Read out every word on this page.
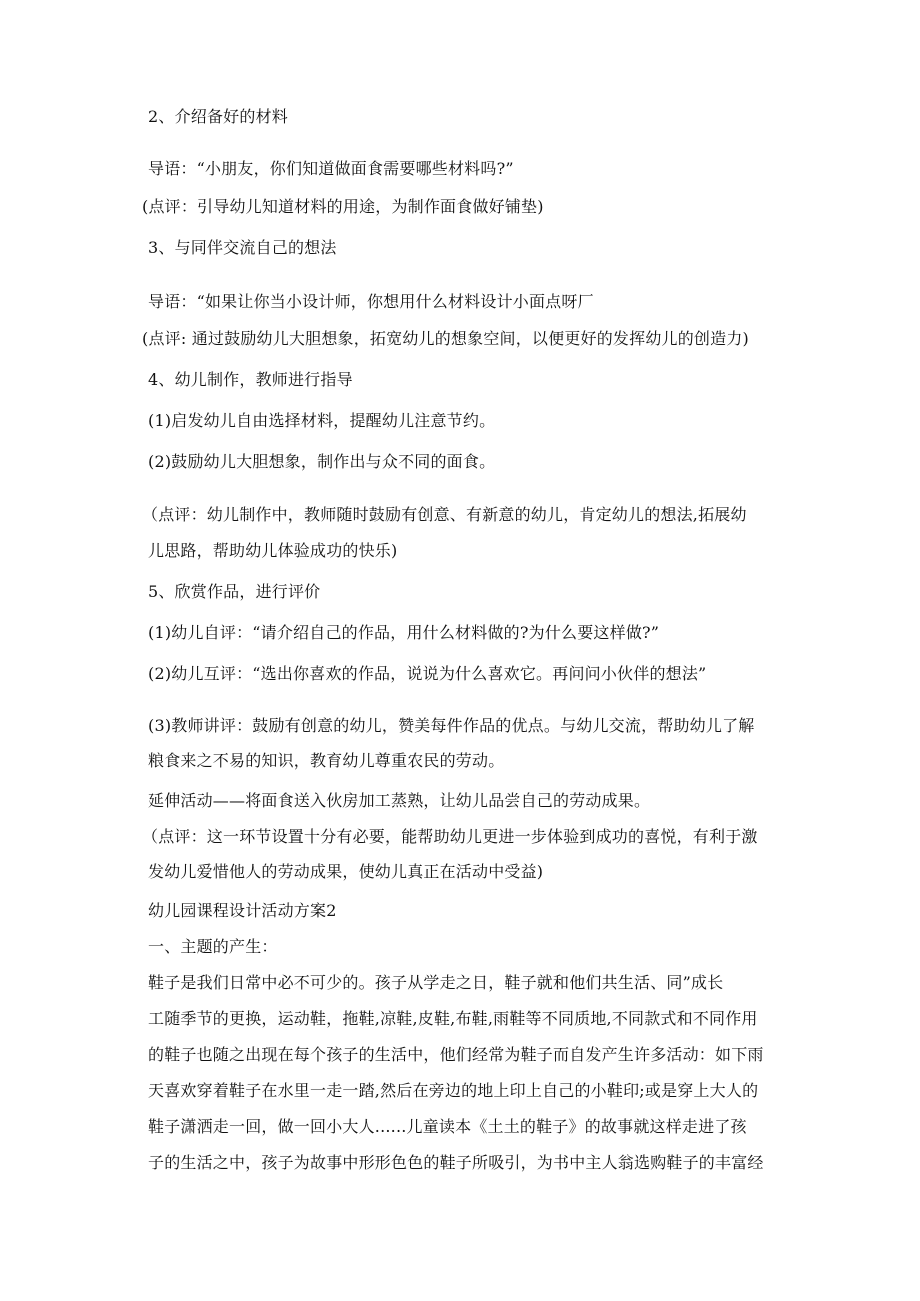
2、介绍备好的材料
导语：“小朋友，你们知道做面食需要哪些材料吗?”
(点评：引导幼儿知道材料的用途，为制作面食做好铺垫)
3、与同伴交流自己的想法
导语：“如果让你当小设计师，你想用什么材料设计小面点呀厂
(点评: 通过鼓励幼儿大胆想象，拓宽幼儿的想象空间，以便更好的发挥幼儿的创造力)
4、幼儿制作，教师进行指导
(1)启发幼儿自由选择材料，提醒幼儿注意节约。
(2)鼓励幼儿大胆想象，制作出与众不同的面食。
（点评：幼儿制作中，教师随时鼓励有创意、有新意的幼儿，肯定幼儿的想法,拓展幼
儿思路，帮助幼儿体验成功的快乐)
5、欣赏作品，进行评价
(1)幼儿自评：“请介绍自己的作品，用什么材料做的?为什么要这样做?”
(2)幼儿互评：“选出你喜欢的作品，说说为什么喜欢它。再问问小伙伴的想法”
(3)教师讲评：鼓励有创意的幼儿，赞美每件作品的优点。与幼儿交流，帮助幼儿了解
粮食来之不易的知识，教育幼儿尊重农民的劳动。
延伸活动——将面食送入伙房加工蒸熟，让幼儿品尝自己的劳动成果。
（点评：这一环节设置十分有必要，能帮助幼儿更进一步体验到成功的喜悦，有利于激
发幼儿爱惜他人的劳动成果，使幼儿真正在活动中受益)
幼儿园课程设计活动方案2
一、主题的产生：
鞋子是我们日常中必不可少的。孩子从学走之日，鞋子就和他们共生活、同”成长
工随季节的更换，运动鞋，拖鞋,凉鞋,皮鞋,布鞋,雨鞋等不同质地,不同款式和不同作用
的鞋子也随之出现在每个孩子的生活中，他们经常为鞋子而自发产生许多活动：如下雨
天喜欢穿着鞋子在水里一走一踏,然后在旁边的地上印上自己的小鞋印;或是穿上大人的
鞋子潇洒走一回，做一回小大人......儿童读本《土土的鞋子》的故事就这样走进了孩
子的生活之中，孩子为故事中形形色色的鞋子所吸引，为书中主人翁选购鞋子的丰富经
